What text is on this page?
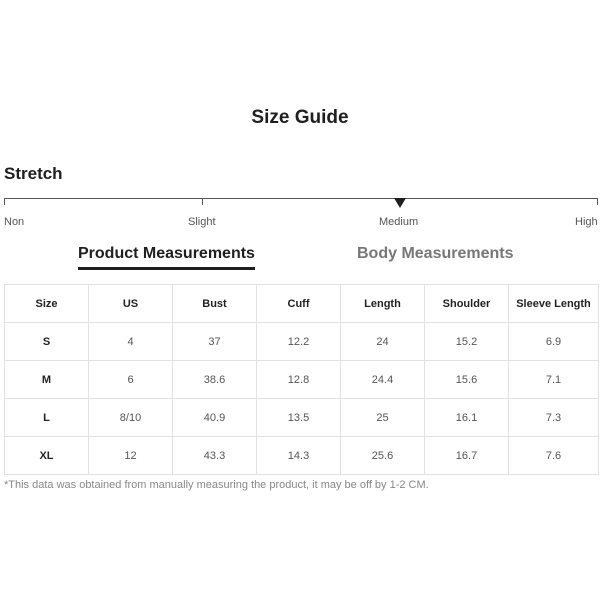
Size Guide
Stretch
Non	Slight	Medium	High
Product Measurements	Body Measurements
Size	US	Bust	Cuff	Length	Shoulder	Sleeve Length
S	4	37	12.2	24	15.2	6.9
M	6	38.6	12.8	24.4	15.6	7.1
L	8/10	40.9	13.5	25	16.1	7.3
XL	12	43.3	14.3	25.6	16.7	7.6
*This data was obtained from manually measuring the product, it may be off by 1-2 CM.
